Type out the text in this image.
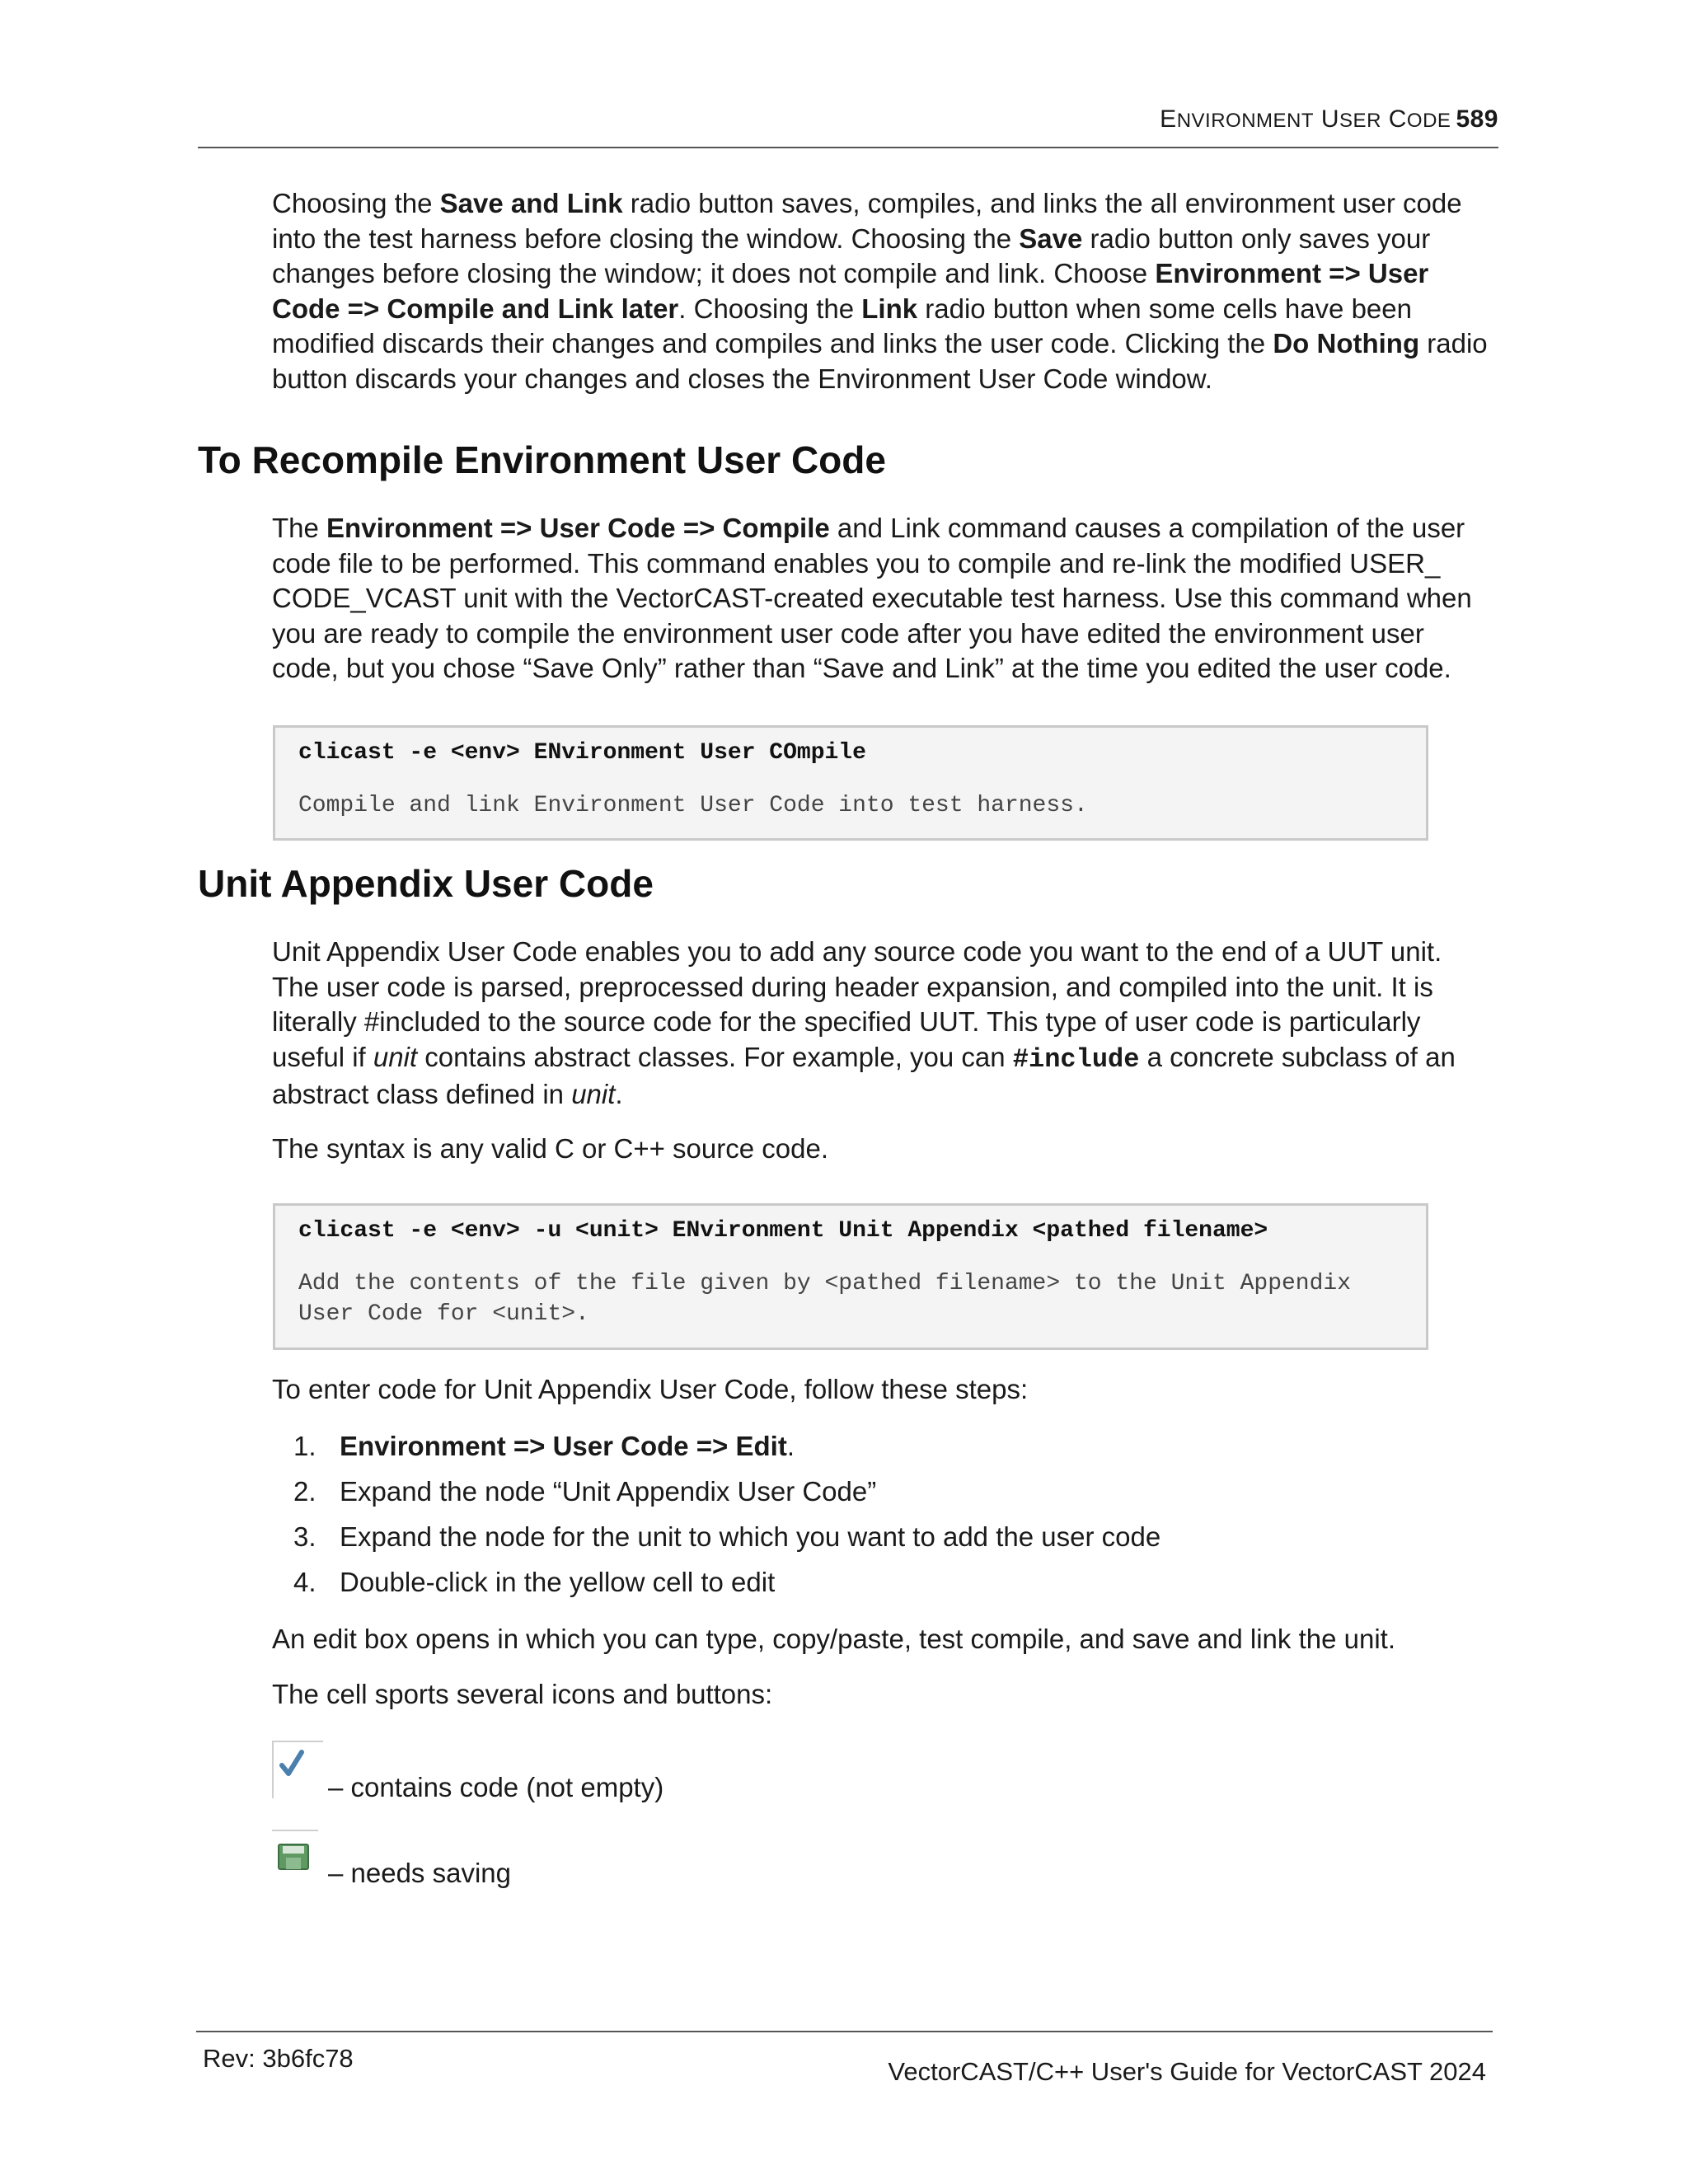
ENVIRONMENT USER CODE 589

Choosing the Save and Link radio button saves, compiles, and links the all environment user code into the test harness before closing the window. Choosing the Save radio button only saves your changes before closing the window; it does not compile and link. Choose Environment => User Code => Compile and Link later. Choosing the Link radio button when some cells have been modified discards their changes and compiles and links the user code. Clicking the Do Nothing radio button discards your changes and closes the Environment User Code window.

To Recompile Environment User Code

The Environment => User Code => Compile and Link command causes a compilation of the user code file to be performed. This command enables you to compile and re-link the modified USER_ CODE_VCAST unit with the VectorCAST-created executable test harness. Use this command when you are ready to compile the environment user code after you have edited the environment user code, but you chose “Save Only” rather than “Save and Link” at the time you edited the user code.

clicast -e <env> ENvironment User COmpile
Compile and link Environment User Code into test harness.
Unit Appendix User Code

Unit Appendix User Code enables you to add any source code you want to the end of a UUT unit. The user code is parsed, preprocessed during header expansion, and compiled into the unit. It is literally #included to the source code for the specified UUT. This type of user code is particularly useful if unit contains abstract classes. For example, you can #include a concrete subclass of an abstract class defined in unit.

The syntax is any valid C or C++ source code.

clicast -e <env> -u <unit> ENvironment Unit Appendix <pathed filename>
Add the contents of the file given by <pathed filename> to the Unit Appendix User Code for <unit>.

To enter code for Unit Appendix User Code, follow these steps:

1. Environment => User Code => Edit.
2. Expand the node “Unit Appendix User Code”
3. Expand the node for the unit to which you want to add the user code
4. Double-click in the yellow cell to edit

An edit box opens in which you can type, copy/paste, test compile, and save and link the unit.

The cell sports several icons and buttons:

– contains code (not empty)
– needs saving
Rev: 3b6fc78	VectorCAST/C++ User's Guide for VectorCAST 2024
